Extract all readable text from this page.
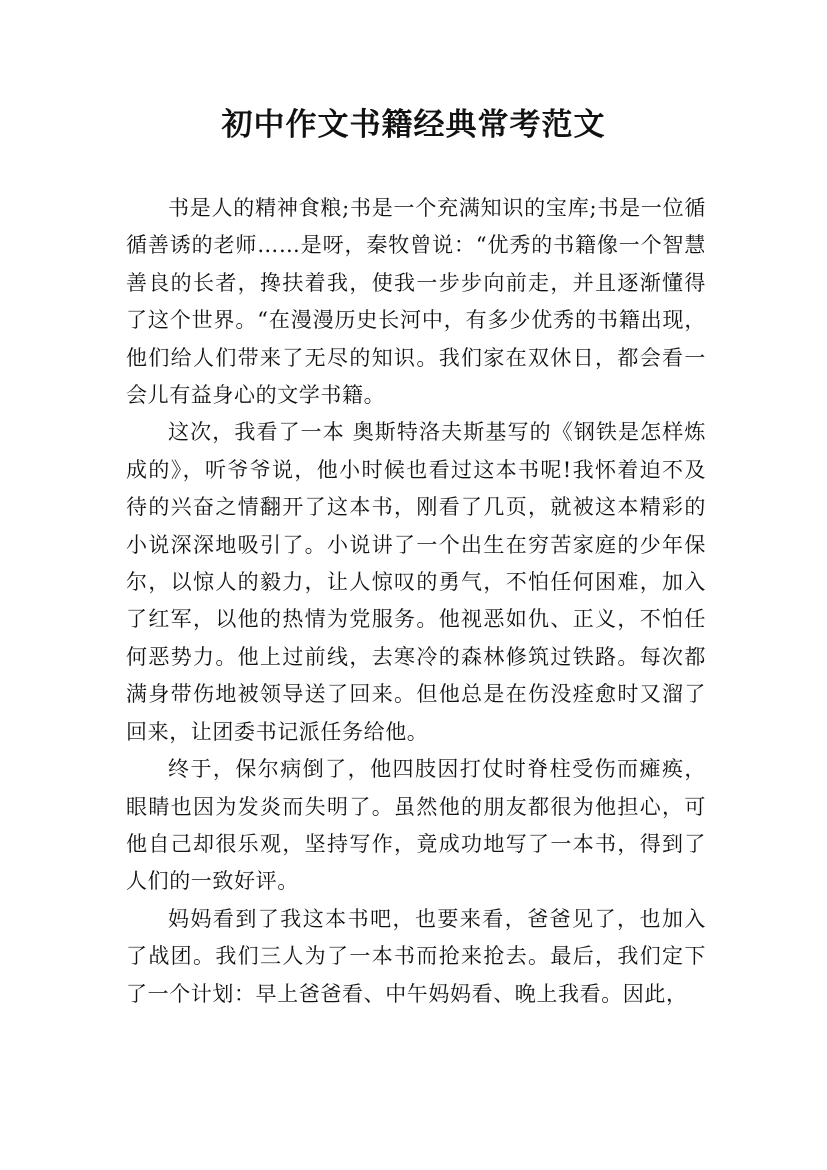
初中作文书籍经典常考范文

书是人的精神食粮;书是一个充满知识的宝库;书是一位循循善诱的老师……是呀，秦牧曾说：“优秀的书籍像一个智慧善良的长者，搀扶着我，使我一步步向前走，并且逐渐懂得了这个世界。“在漫漫历史长河中，有多少优秀的书籍出现，他们给人们带来了无尽的知识。我们家在双休日，都会看一会儿有益身心的文学书籍。

这次，我看了一本 奥斯特洛夫斯基写的《钢铁是怎样炼成的》，听爷爷说，他小时候也看过这本书呢!我怀着迫不及待的兴奋之情翻开了这本书，刚看了几页，就被这本精彩的小说深深地吸引了。小说讲了一个出生在穷苦家庭的少年保尔，以惊人的毅力，让人惊叹的勇气，不怕任何困难，加入了红军，以他的热情为党服务。他视恶如仇、正义，不怕任何恶势力。他上过前线，去寒冷的森林修筑过铁路。每次都满身带伤地被领导送了回来。但他总是在伤没痊愈时又溜了回来，让团委书记派任务给他。

终于，保尔病倒了，他四肢因打仗时脊柱受伤而瘫痪，眼睛也因为发炎而失明了。虽然他的朋友都很为他担心，可他自己却很乐观，坚持写作，竟成功地写了一本书，得到了人们的一致好评。

妈妈看到了我这本书吧，也要来看，爸爸见了，也加入了战团。我们三人为了一本书而抢来抢去。最后，我们定下了一个计划：早上爸爸看、中午妈妈看、晚上我看。因此，
